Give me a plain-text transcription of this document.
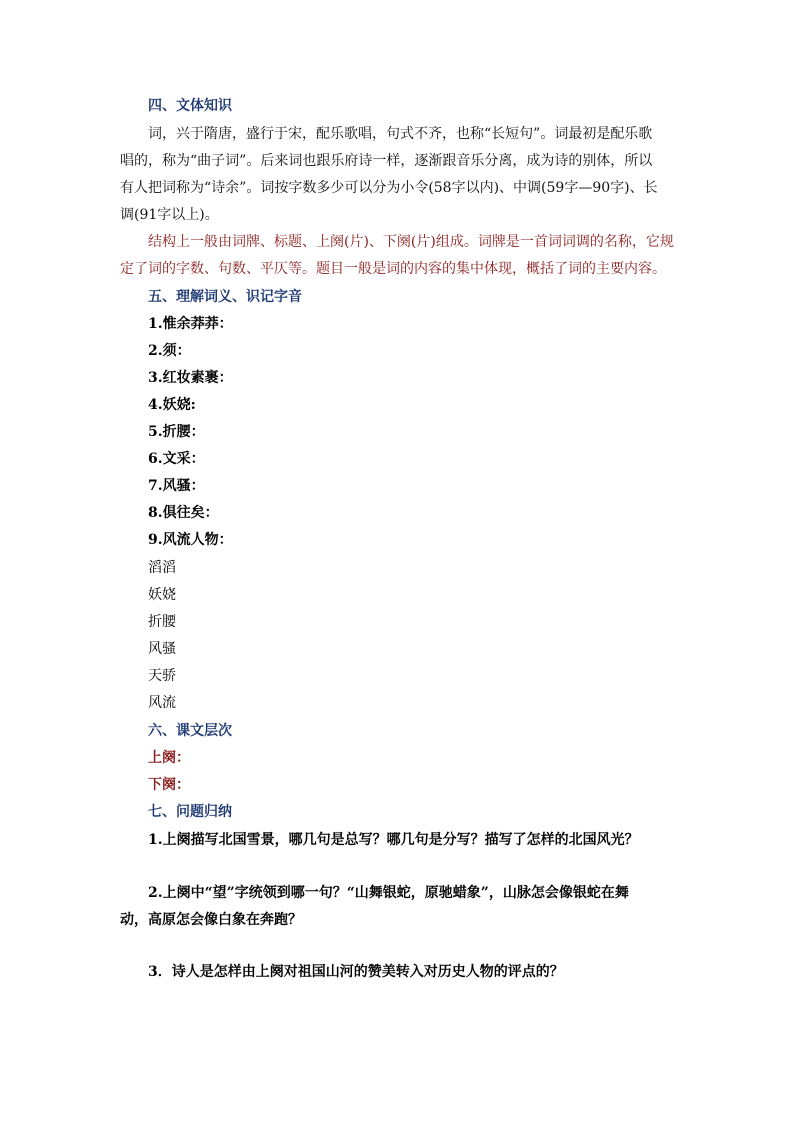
四、文体知识
词，兴于隋唐，盛行于宋，配乐歌唱，句式不齐，也称“长短句”。词最初是配乐歌
唱的，称为“曲子词”。后来词也跟乐府诗一样，逐渐跟音乐分离，成为诗的别体，所以
有人把词称为“诗余”。词按字数多少可以分为小令(58字以内)、中调(59字—90字)、长
调(91字以上)。
结构上一般由词牌、标题、上阕(片)、下阕(片)组成。词牌是一首词词调的名称，它规
定了词的字数、句数、平仄等。题目一般是词的内容的集中体现，概括了词的主要内容。
五、理解词义、识记字音
1.惟余莽莽：
2.须：
3.红妆素裹：
4.妖娆:
5.折腰：
6.文采：
7.风骚：
8.俱往矣：
9.风流人物：
滔滔
妖娆
折腰
风骚
天骄
风流
六、课文层次
上阕：
下阕：
七、问题归纳
1.上阕描写北国雪景，哪几句是总写？哪几句是分写？描写了怎样的北国风光？
2.上阕中“望”字统领到哪一句？“山舞银蛇，原驰蜡象”，山脉怎会像银蛇在舞
动，高原怎会像白象在奔跑？
3．诗人是怎样由上阕对祖国山河的赞美转入对历史人物的评点的？
